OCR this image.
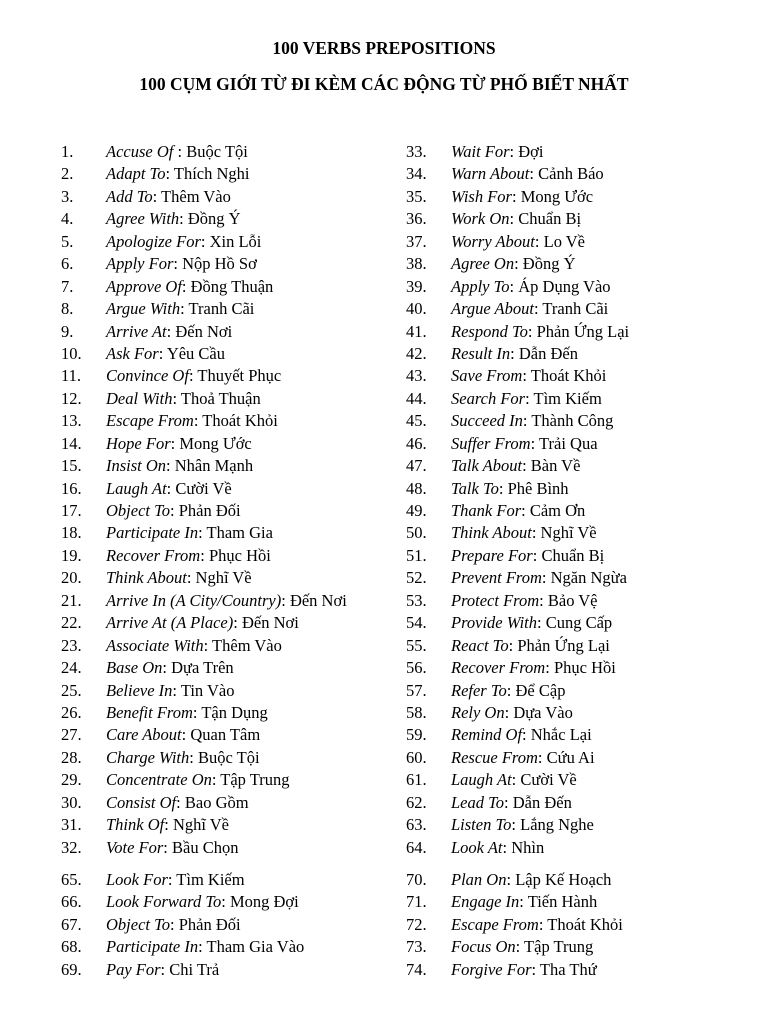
100 VERBS PREPOSITIONS
100 CỤM GIỚI TỪ ĐI KÈM CÁC ĐỘNG TỪ PHỐ BIẾT NHẤT
1. Accuse Of : Buộc Tội
2. Adapt To: Thích Nghi
3. Add To: Thêm Vào
4. Agree With: Đồng Ý
5. Apologize For: Xin Lỗi
6. Apply For: Nộp Hồ Sơ
7. Approve Of: Đồng Thuận
8. Argue With: Tranh Cãi
9. Arrive At: Đến Nơi
10. Ask For: Yêu Cầu
11. Convince Of: Thuyết Phục
12. Deal With: Thoả Thuận
13. Escape From: Thoát Khỏi
14. Hope For: Mong Ước
15. Insist On: Nhân Mạnh
16. Laugh At: Cười Về
17. Object To: Phản Đối
18. Participate In: Tham Gia
19. Recover From: Phục Hồi
20. Think About: Nghĩ Về
21. Arrive In (A City/Country): Đến Nơi
22. Arrive At (A Place): Đến Nơi
23. Associate With: Thêm Vào
24. Base On: Dựa Trên
25. Believe In: Tin Vào
26. Benefit From: Tận Dụng
27. Care About: Quan Tâm
28. Charge With: Buộc Tội
29. Concentrate On: Tập Trung
30. Consist Of: Bao Gồm
31. Think Of: Nghĩ Về
32. Vote For: Bầu Chọn
33. Wait For: Đợi
34. Warn About: Cảnh Báo
35. Wish For: Mong Ước
36. Work On: Chuẩn Bị
37. Worry About: Lo Về
38. Agree On: Đồng Ý
39. Apply To: Áp Dụng Vào
40. Argue About: Tranh Cãi
41. Respond To: Phản Ứng Lại
42. Result In: Dẫn Đến
43. Save From: Thoát Khỏi
44. Search For: Tìm Kiếm
45. Succeed In: Thành Công
46. Suffer From: Trải Qua
47. Talk About: Bàn Về
48. Talk To: Phê Bình
49. Thank For: Cảm Ơn
50. Think About: Nghĩ Về
51. Prepare For: Chuẩn Bị
52. Prevent From: Ngăn Ngừa
53. Protect From: Bảo Vệ
54. Provide With: Cung Cấp
55. React To: Phản Ứng Lại
56. Recover From: Phục Hồi
57. Refer To: Để Cập
58. Rely On: Dựa Vào
59. Remind Of: Nhắc Lại
60. Rescue From: Cứu Ai
61. Laugh At: Cười Về
62. Lead To: Dẫn Đến
63. Listen To: Lắng Nghe
64. Look At: Nhìn
65. Look For: Tìm Kiếm
66. Look Forward To: Mong Đợi
67. Object To: Phản Đối
68. Participate In: Tham Gia Vào
69. Pay For: Chi Trả
70. Plan On: Lập Kế Hoạch
71. Engage In: Tiến Hành
72. Escape From: Thoát Khỏi
73. Focus On: Tập Trung
74. Forgive For: Tha Thứ
